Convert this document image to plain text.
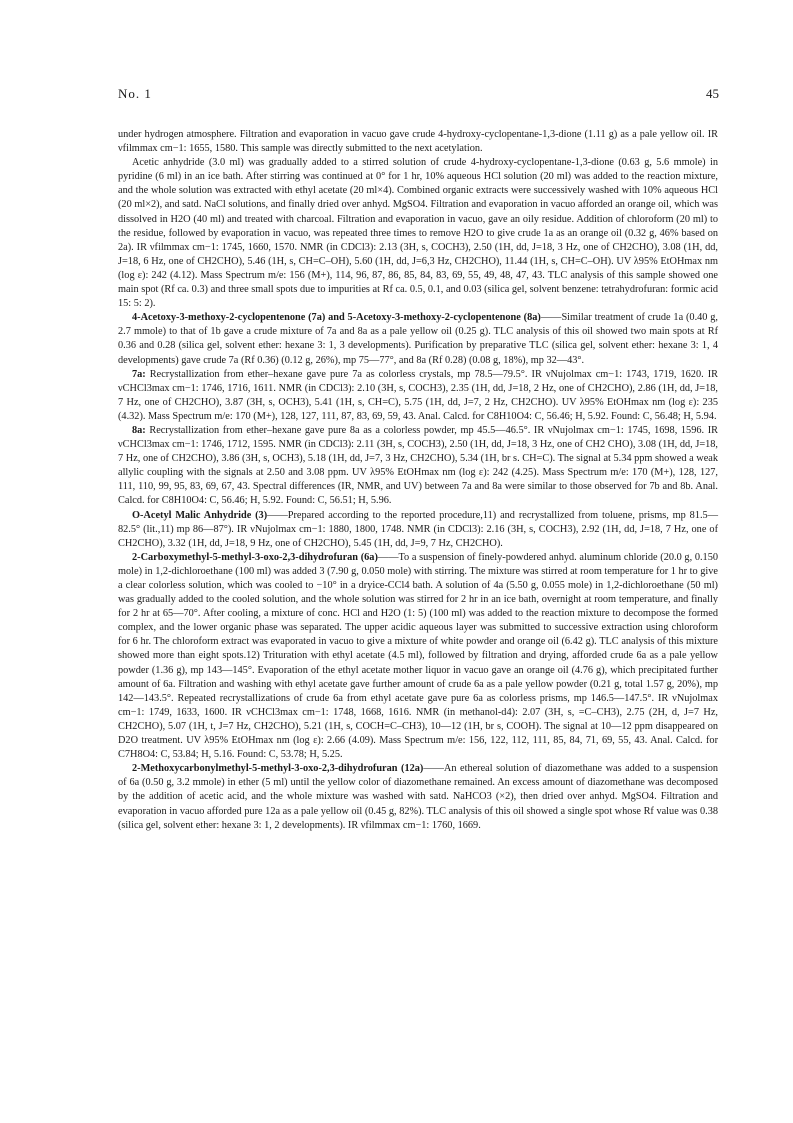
No. 1	45

under hydrogen atmosphere. Filtration and evaporation in vacuo gave crude 4-hydroxy-cyclopentane-1,3-dione (1.11 g) as a pale yellow oil. IR νfilmmax cm−1: 1655, 1580. This sample was directly submitted to the next acetylation.

Acetic anhydride (3.0 ml) was gradually added to a stirred solution of crude 4-hydroxy-cyclopentane-1,3-dione (0.63 g, 5.6 mmole) in pyridine (6 ml) in an ice bath. After stirring was continued at 0° for 1 hr, 10% aqueous HCl solution (20 ml) was added to the reaction mixture, and the whole solution was extracted with ethyl acetate (20 ml×4). Combined organic extracts were successively washed with 10% aqueous HCl (20 ml×2), and satd. NaCl solutions, and finally dried over anhyd. MgSO4. Filtration and evaporation in vacuo afforded an orange oil, which was dissolved in H2O (40 ml) and treated with charcoal. Filtration and evaporation in vacuo, gave an oily residue. Addition of chloroform (20 ml) to the residue, followed by evaporation in vacuo, was repeated three times to remove H2O to give crude 1a as an orange oil (0.32 g, 46% based on 2a). IR νfilmmax cm−1: 1745, 1660, 1570. NMR (in CDCl3): 2.13 (3H, s, COCH3), 2.50 (1H, dd, J=18, 3 Hz, one of CH2CHO), 3.08 (1H, dd, J=18, 6 Hz, one of CH2CHO), 5.46 (1H, s, CH=C–OH), 5.60 (1H, dd, J=6,3 Hz, CH2CHO), 11.44 (1H, s, CH=C–OH). UV λ95% EtOHmax nm (log ε): 242 (4.12). Mass Spectrum m/e: 156 (M+), 114, 96, 87, 86, 85, 84, 83, 69, 55, 49, 48, 47, 43. TLC analysis of this sample showed one main spot (Rf ca. 0.3) and three small spots due to impurities at Rf ca. 0.5, 0.1, and 0.03 (silica gel, solvent benzene: tetrahydrofuran: formic acid 15: 5: 2).

4-Acetoxy-3-methoxy-2-cyclopentenone (7a) and 5-Acetoxy-3-methoxy-2-cyclopentenone (8a)——Similar treatment of crude 1a (0.40 g, 2.7 mmole) to that of 1b gave a crude mixture of 7a and 8a as a pale yellow oil (0.25 g). TLC analysis of this oil showed two main spots at Rf 0.36 and 0.28 (silica gel, solvent ether: hexane 3: 1, 3 developments). Purification by preparative TLC (silica gel, solvent ether: hexane 3: 1, 4 developments) gave crude 7a (Rf 0.36) (0.12 g, 26%), mp 75—77°, and 8a (Rf 0.28) (0.08 g, 18%), mp 32—43°.

7a: Recrystallization from ether–hexane gave pure 7a as colorless crystals, mp 78.5—79.5°. IR νNujolmax cm−1: 1743, 1719, 1620. IR νCHCl3max cm−1: 1746, 1716, 1611. NMR (in CDCl3): 2.10 (3H, s, COCH3), 2.35 (1H, dd, J=18, 2 Hz, one of CH2CHO), 2.86 (1H, dd, J=18, 7 Hz, one of CH2CHO), 3.87 (3H, s, OCH3), 5.41 (1H, s, CH=C), 5.75 (1H, dd, J=7, 2 Hz, CH2CHO). UV λ95% EtOHmax nm (log ε): 235 (4.32). Mass Spectrum m/e: 170 (M+), 128, 127, 111, 87, 83, 69, 59, 43. Anal. Calcd. for C8H10O4: C, 56.46; H, 5.92. Found: C, 56.48; H, 5.94.

8a: Recrystallization from ether–hexane gave pure 8a as a colorless powder, mp 45.5—46.5°. IR νNujolmax cm−1: 1745, 1698, 1596. IR νCHCl3max cm−1: 1746, 1712, 1595. NMR (in CDCl3): 2.11 (3H, s, COCH3), 2.50 (1H, dd, J=18, 3 Hz, one of CH2 CHO), 3.08 (1H, dd, J=18, 7 Hz, one of CH2CHO), 3.86 (3H, s, OCH3), 5.18 (1H, dd, J=7, 3 Hz, CH2CHO), 5.34 (1H, br s. CH=C). The signal at 5.34 ppm showed a weak allylic coupling with the signals at 2.50 and 3.08 ppm. UV λ95% EtOHmax nm (log ε): 242 (4.25). Mass Spectrum m/e: 170 (M+), 128, 127, 111, 110, 99, 95, 83, 69, 67, 43. Spectral differences (IR, NMR, and UV) between 7a and 8a were similar to those observed for 7b and 8b. Anal. Calcd. for C8H10O4: C, 56.46; H, 5.92. Found: C, 56.51; H, 5.96.

O-Acetyl Malic Anhydride (3)——Prepared according to the reported procedure,11) and recrystallized from toluene, prisms, mp 81.5—82.5° (lit.,11) mp 86—87°). IR νNujolmax cm−1: 1880, 1800, 1748. NMR (in CDCl3): 2.16 (3H, s, COCH3), 2.92 (1H, dd, J=18, 7 Hz, one of CH2CHO), 3.32 (1H, dd, J=18, 9 Hz, one of CH2CHO), 5.45 (1H, dd, J=9, 7 Hz, CH2CHO).

2-Carboxymethyl-5-methyl-3-oxo-2,3-dihydrofuran (6a)——To a suspension of finely-powdered anhyd. aluminum chloride (20.0 g, 0.150 mole) in 1,2-dichloroethane (100 ml) was added 3 (7.90 g, 0.050 mole) with stirring. The mixture was stirred at room temperature for 1 hr to give a clear colorless solution, which was cooled to −10° in a dryice-CCl4 bath. A solution of 4a (5.50 g, 0.055 mole) in 1,2-dichloroethane (50 ml) was gradually added to the cooled solution, and the whole solution was stirred for 2 hr in an ice bath, overnight at room temperature, and finally for 2 hr at 65—70°. After cooling, a mixture of conc. HCl and H2O (1: 5) (100 ml) was added to the reaction mixture to decompose the formed complex, and the lower organic phase was separated. The upper acidic aqueous layer was submitted to successive extraction using chloroform for 6 hr. The chloroform extract was evaporated in vacuo to give a mixture of white powder and orange oil (6.42 g). TLC analysis of this mixture showed more than eight spots.12) Trituration with ethyl acetate (4.5 ml), followed by filtration and drying, afforded crude 6a as a pale yellow powder (1.36 g), mp 143—145°. Evaporation of the ethyl acetate mother liquor in vacuo gave an orange oil (4.76 g), which precipitated further amount of 6a. Filtration and washing with ethyl acetate gave further amount of crude 6a as a pale yellow powder (0.21 g, total 1.57 g, 20%), mp 142—143.5°. Repeated recrystallizations of crude 6a from ethyl acetate gave pure 6a as colorless prisms, mp 146.5—147.5°. IR νNujolmax cm−1: 1749, 1633, 1600. IR νCHCl3max cm−1: 1748, 1668, 1616. NMR (in methanol-d4): 2.07 (3H, s, =C–CH3), 2.75 (2H, d, J=7 Hz, CH2CHO), 5.07 (1H, t, J=7 Hz, CH2CHO), 5.21 (1H, s, COCH=C–CH3), 10—12 (1H, br s, COOH). The signal at 10—12 ppm disappeared on D2O treatment. UV λ95% EtOHmax nm (log ε): 2.66 (4.09). Mass Spectrum m/e: 156, 122, 112, 111, 85, 84, 71, 69, 55, 43. Anal. Calcd. for C7H8O4: C, 53.84; H, 5.16. Found: C, 53.78; H, 5.25.

2-Methoxycarbonylmethyl-5-methyl-3-oxo-2,3-dihydrofuran (12a)——An ethereal solution of diazomethane was added to a suspension of 6a (0.50 g, 3.2 mmole) in ether (5 ml) until the yellow color of diazomethane remained. An excess amount of diazomethane was decomposed by the addition of acetic acid, and the whole mixture was washed with satd. NaHCO3 (×2), then dried over anhyd. MgSO4. Filtration and evaporation in vacuo afforded pure 12a as a pale yellow oil (0.45 g, 82%). TLC analysis of this oil showed a single spot whose Rf value was 0.38 (silica gel, solvent ether: hexane 3: 1, 2 developments). IR νfilmmax cm−1: 1760, 1669.
